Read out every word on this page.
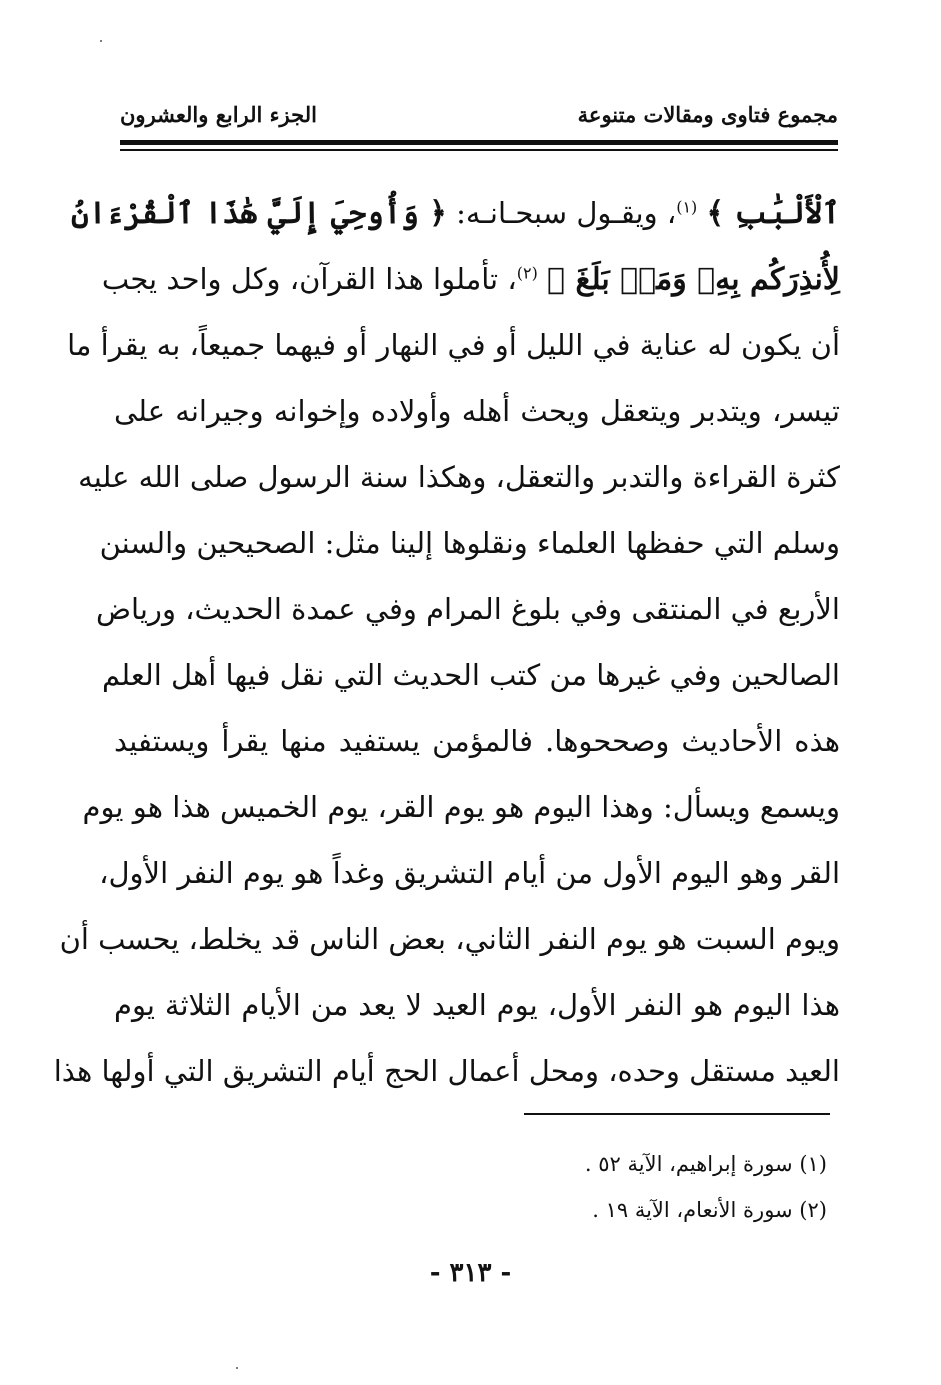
مجموع فتاوى ومقالات متنوعة
الجزء الرابع والعشرون
ٱلْأَلْبَٰبِ ﴾ $^{(١)}$، ويقـول سبحـانـه: ﴿ وَأُوحِيَ إِلَيَّ هَٰذَا ٱلْقُرْءَانُ
لِأُنذِرَكُم بِهِۦ وَمَنۢ بَلَغَ ﴾ $^{(٢)}$، تأملوا هذا القرآن، وكل واحد يجب
أن يكون له عناية في الليل أو في النهار أو فيهما جميعاً، به يقرأ ما
تيسر، ويتدبر ويتعقل ويحث أهله وأولاده وإخوانه وجيرانه على
كثرة القراءة والتدبر والتعقل، وهكذا سنة الرسول صلى الله عليه
وسلم التي حفظها العلماء ونقلوها إلينا مثل: الصحيحين والسنن
الأربع في المنتقى وفي بلوغ المرام وفي عمدة الحديث، ورياض
الصالحين وفي غيرها من كتب الحديث التي نقل فيها أهل العلم
هذه الأحاديث وصححوها. فالمؤمن يستفيد منها يقرأ ويستفيد
ويسمع ويسأل: وهذا اليوم هو يوم القر، يوم الخميس هذا هو يوم
القر وهو اليوم الأول من أيام التشريق وغداً هو يوم النفر الأول،
ويوم السبت هو يوم النفر الثاني، بعض الناس قد يخلط، يحسب أن
هذا اليوم هو النفر الأول، يوم العيد لا يعد من الأيام الثلاثة يوم
العيد مستقل وحده، ومحل أعمال الحج أيام التشريق التي أولها هذا
(١) سورة إبراهيم، الآية ٥٢ .
(٢) سورة الأنعام، الآية ١٩ .
- ٣١٣ -
